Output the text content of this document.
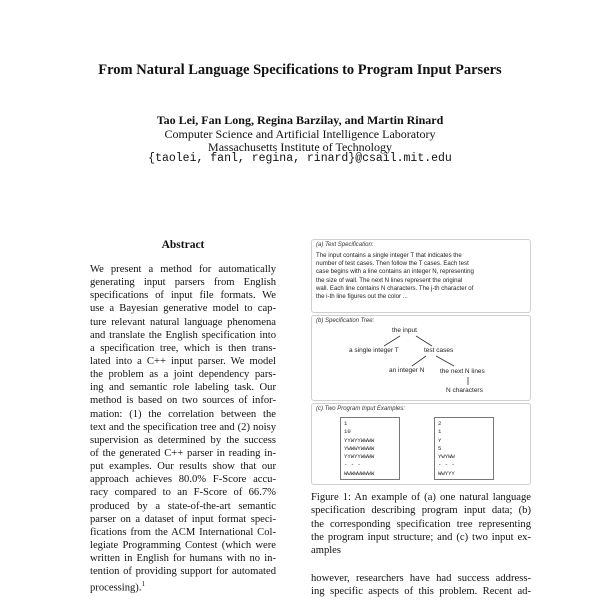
From Natural Language Specifications to Program Input Parsers
Tao Lei, Fan Long, Regina Barzilay, and Martin Rinard
Computer Science and Artificial Intelligence Laboratory
Massachusetts Institute of Technology
{taolei, fanl, regina, rinard}@csail.mit.edu
Abstract
We present a method for automatically
generating input parsers from English
specifications of input file formats. We
use a Bayesian generative model to cap-
ture relevant natural language phenomena
and translate the English specification into
a specification tree, which is then trans-
lated into a C++ input parser. We model
the problem as a joint dependency pars-
ing and semantic role labeling task. Our
method is based on two sources of infor-
mation: (1) the correlation between the
text and the specification tree and (2) noisy
supervision as determined by the success
of the generated C++ parser in reading in-
put examples. Our results show that our
approach achieves 80.0% F-Score accu-
racy compared to an F-Score of 66.7%
produced by a state-of-the-art semantic
parser on a dataset of input format speci-
fications from the ACM International Col-
legiate Programming Contest (which were
written in English for humans with no in-
tention of providing support for automated
processing).$^1$
(a) Text Specification:
The input contains a single integer T that indicates the
number of test cases. Then follow the T cases. Each test
case begins with a line contains an integer N, representing
the size of wall. The next N lines represent the original
wall. Each line contains N characters. The j-th character of
the i-th line figures out the color ...
(b) Specification Tree:
the input
a single integer T	test cases
an integer N the next N lines
N characters
(c) Two Program Input Examples:
1
10
YYWYYWWWW
YWWWYWWWW
YYWYYWWWW
- - -
WWWWWWWWW
2
1
Y
5
YWYWW
- - -
WWYYY
Figure 1: An example of (a) one natural language
specification describing program input data; (b)
the corresponding specification tree representing
the program input structure; and (c) two input ex-
amples
however, researchers have had success address-
ing specific aspects of this problem. Recent ad-
